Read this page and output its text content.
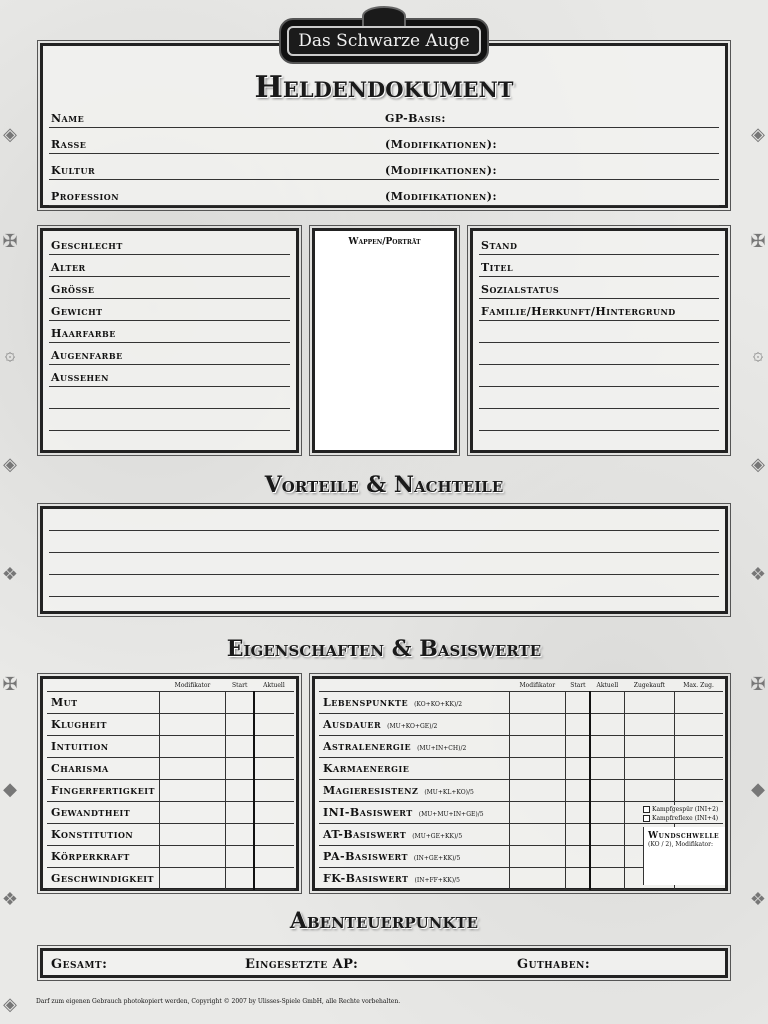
◈
✠
۞
◈
❖
✠
◆
❖
◈
◈
✠
۞
◈
❖
✠
◆
❖
Heldendokument
Name	GP-Basis:
Rasse	(Modifikationen):
Kultur	(Modifikationen):
Profession	(Modifikationen):
Das Schwarze Auge
Geschlecht
Alter
Grösse
Gewicht
Haarfarbe
Augenfarbe
Aussehen
Wappen/Porträt	Stand
Titel
Sozialstatus
Familie/Herkunft/Hintergrund
Vorteile & Nachteile
Eigenschaften & Basiswerte
	Modifikator	Start	Aktuell
Mut			
Klugheit			
Intuition			
Charisma			
Fingerfertigkeit			
Gewandtheit			
Konstitution			
Körperkraft			
Geschwindigkeit			
	Modifikator	Start	Aktuell	Zugekauft	Max. Zug.
Lebenspunkte (KO+KO+KK)/2					
Ausdauer (MU+KO+GE)/2					
Astralenergie (MU+IN+CH)/2					
Karmaenergie					
Magieresistenz (MU+KL+KO)/5					
INI-Basiswert (MU+MU+IN+GE)/5					
AT-Basiswert (MU+GE+KK)/5					
PA-Basiswert (IN+GE+KK)/5					
FK-Basiswert (IN+FF+KK)/5					
Kampfgespür (INI+2)
Kampfreflexe (INI+4)
Wundschwelle
(KO / 2), Modifikator:
Abenteuerpunkte
Gesamt:	Eingesetzte AP:	Guthaben:
Darf zum eigenen Gebrauch photokopiert werden, Copyright © 2007 by Ulisses-Spiele GmbH, alle Rechte vorbehalten.
